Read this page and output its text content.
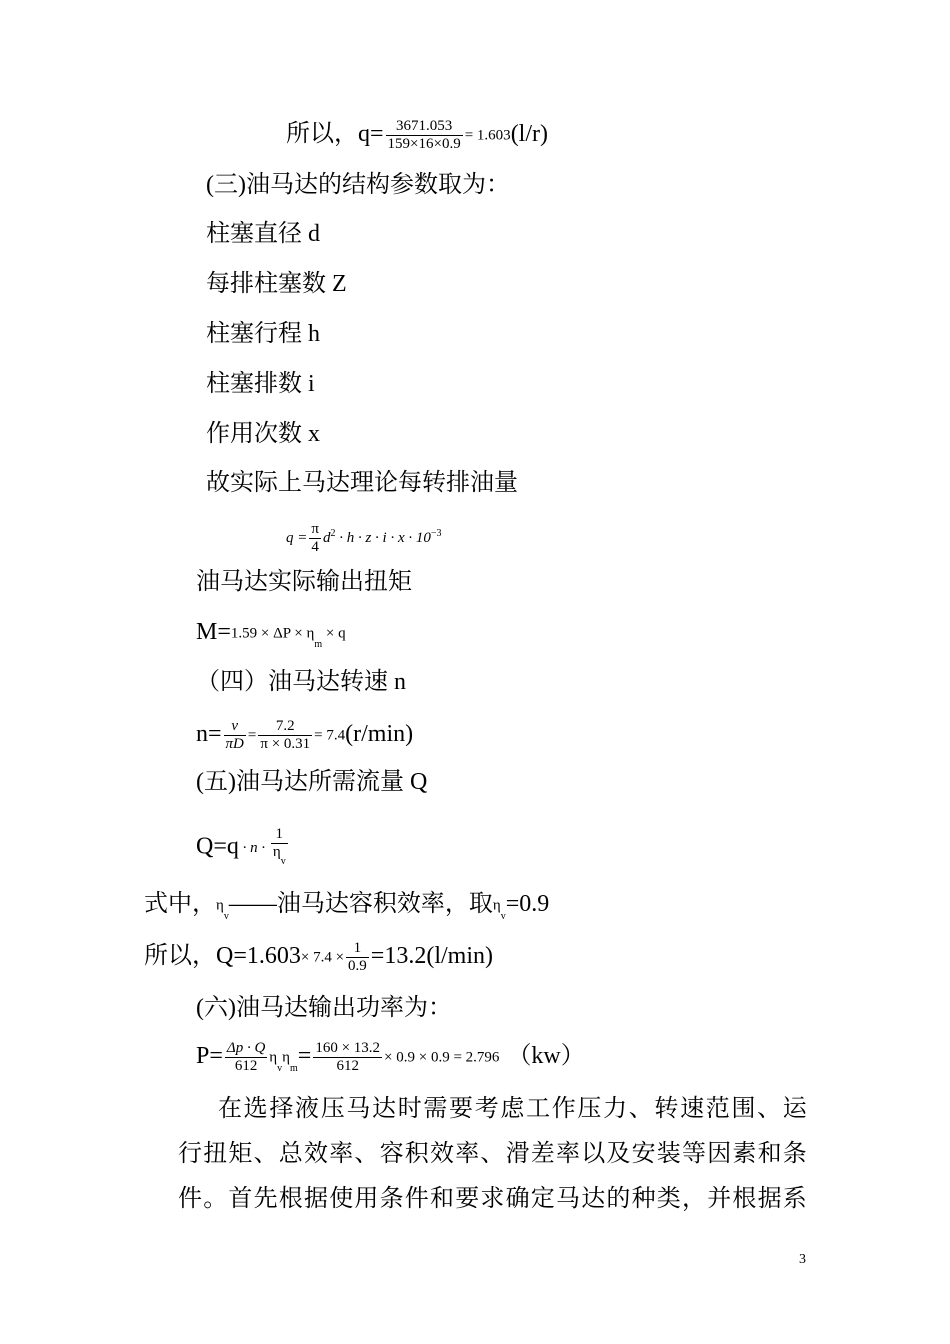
所以，$q= \frac{3671.053}{159\times 16\times 0.9} = 1.603(l/r)$
(三)油马达的结构参数取为：
柱塞直径 d
每排柱塞数 Z
柱塞行程 h
柱塞排数 i
作用次数 x
故实际上马达理论每转排油量
$q = \frac{\pi}{4} d^2 \cdot h \cdot z \cdot i \cdot x \cdot 10^{-3}$
油马达实际输出扭矩
$M=1.59 \times \Delta P \times \eta_m \times q$
（四）油马达转速 n
$n= \frac{v}{\pi D} = \frac{7.2}{\pi \times 0.31} = 7.4(r/\min)$
(五)油马达所需流量 Q
$Q=q \cdot n \cdot \frac{1}{\eta_v}$
式中，$\eta_v——$油马达容积效率，取$\eta_v=0.9$
所以，$Q=1.603\times 7.4 \times \frac{1}{0.9} =13.2(l/\min)$
(六)油马达输出功率为：
$P= \frac{\Delta p \cdot Q}{612} \eta_v\eta_m= \frac{160 \times 13.2}{612} \times 0.9 \times 0.9 = 2.796$ （kw）
在选择液压马达时需要考虑工作压力、转速范围、运行扭矩、总效率、容积效率、滑差率以及安装等因素和条件。首先根据使用条件和要求确定马达的种类，并根据系
3
